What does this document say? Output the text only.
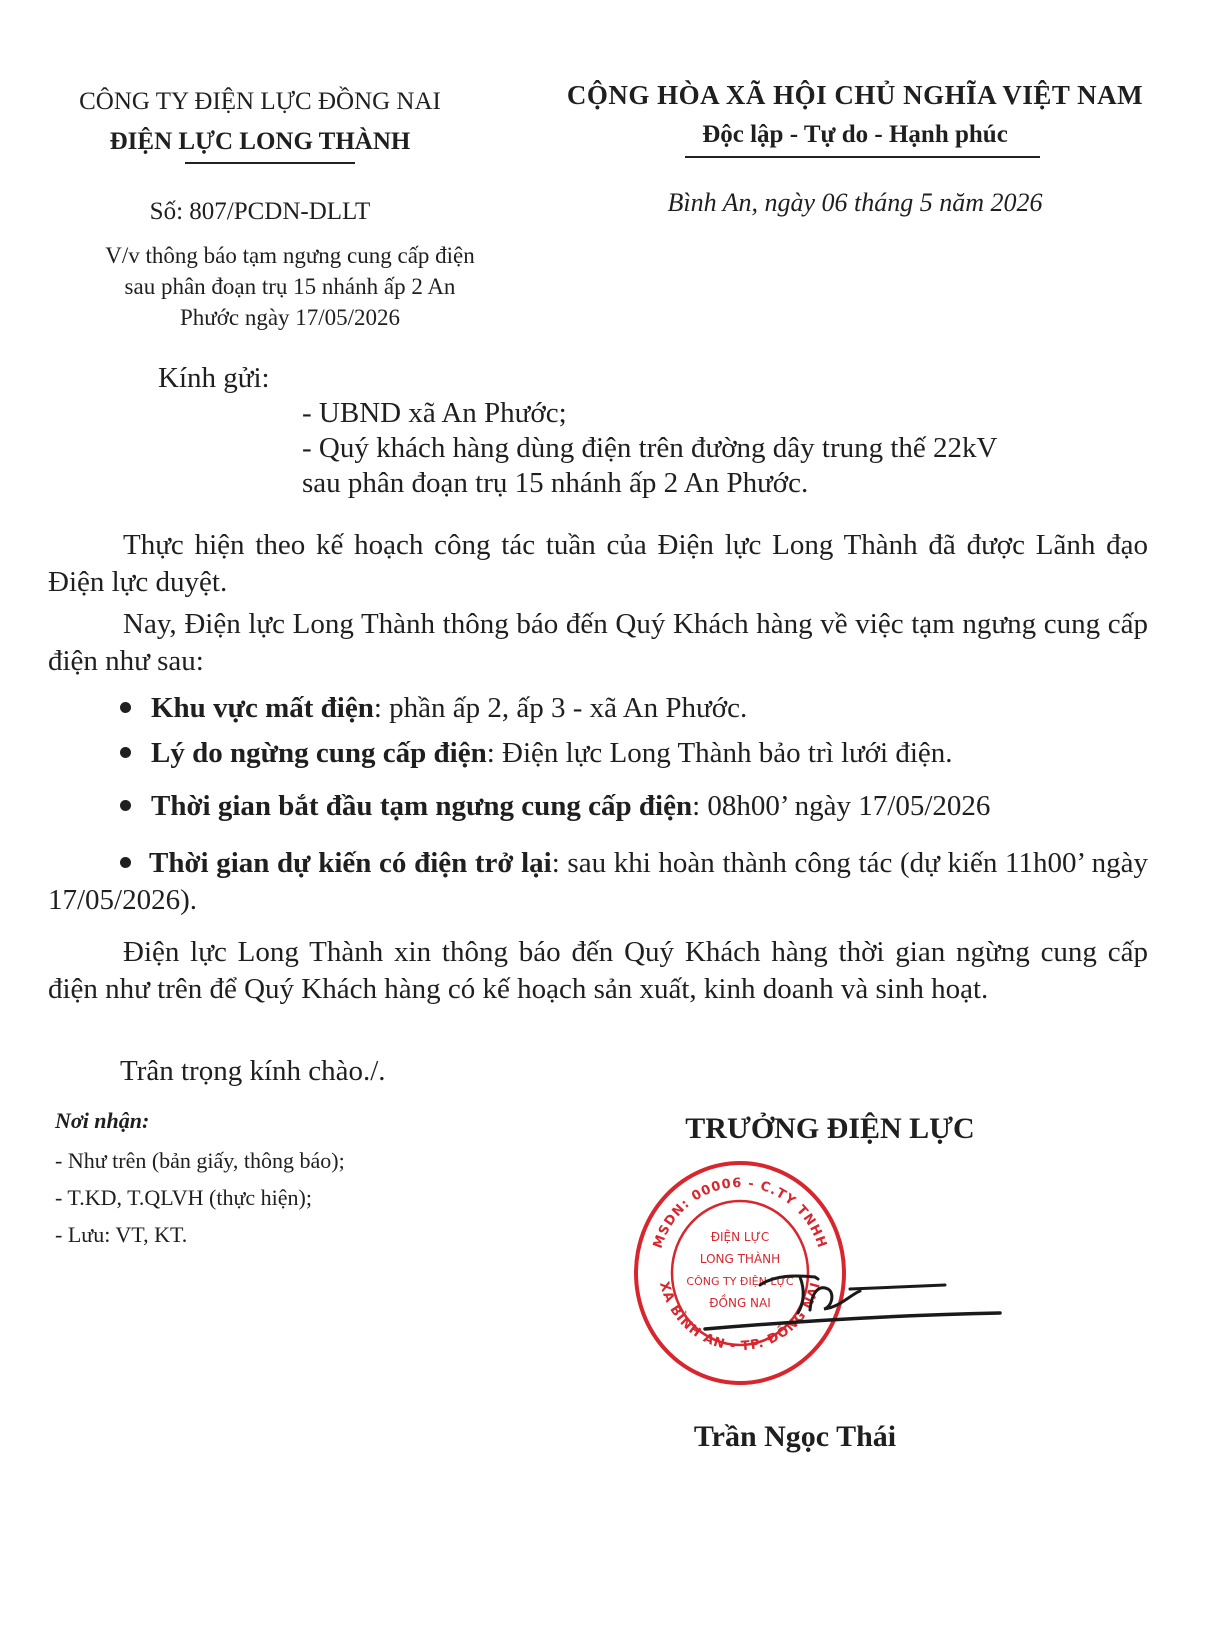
CÔNG TY ĐIỆN LỰC ĐỒNG NAI
ĐIỆN LỰC LONG THÀNH
CỘNG HÒA XÃ HỘI CHỦ NGHĨA VIỆT NAM
Độc lập - Tự do - Hạnh phúc
Số: 807/PCDN-DLLT	Bình An, ngày 06 tháng 5 năm 2026
V/v thông báo tạm ngưng cung cấp điện
sau phân đoạn trụ 15 nhánh ấp 2 An
Phước ngày 17/05/2026
Kính gửi:
- UBND xã An Phước;
- Quý khách hàng dùng điện trên đường dây trung thế 22kV
sau phân đoạn trụ 15 nhánh ấp 2 An Phước.
Thực hiện theo kế hoạch công tác tuần của Điện lực Long Thành đã được Lãnh đạo Điện lực duyệt.
Nay, Điện lực Long Thành thông báo đến Quý Khách hàng về việc tạm ngưng cung cấp điện như sau:
Khu vực mất điện: phần ấp 2, ấp 3 - xã An Phước.
Lý do ngừng cung cấp điện: Điện lực Long Thành bảo trì lưới điện.
Thời gian bắt đầu tạm ngưng cung cấp điện: 08h00’ ngày 17/05/2026
Thời gian dự kiến có điện trở lại: sau khi hoàn thành công tác (dự kiến 11h00’ ngày 17/05/2026).
Điện lực Long Thành xin thông báo đến Quý Khách hàng thời gian ngừng cung cấp điện như trên để Quý Khách hàng có kế hoạch sản xuất, kinh doanh và sinh hoạt.
Trân trọng kính chào./.
Nơi nhận:
- Như trên (bản giấy, thông báo);
- T.KD, T.QLVH (thực hiện);
- Lưu: VT, KT.
TRƯỞNG ĐIỆN LỰC
MSDN: 00006 - C.TY TNHH
XÃ BÌNH AN - TP. ĐỒNG NAI
ĐIỆN LỰC
LONG THÀNH
CÔNG TY ĐIỆN LỰC
ĐỒNG NAI
Trần Ngọc Thái
